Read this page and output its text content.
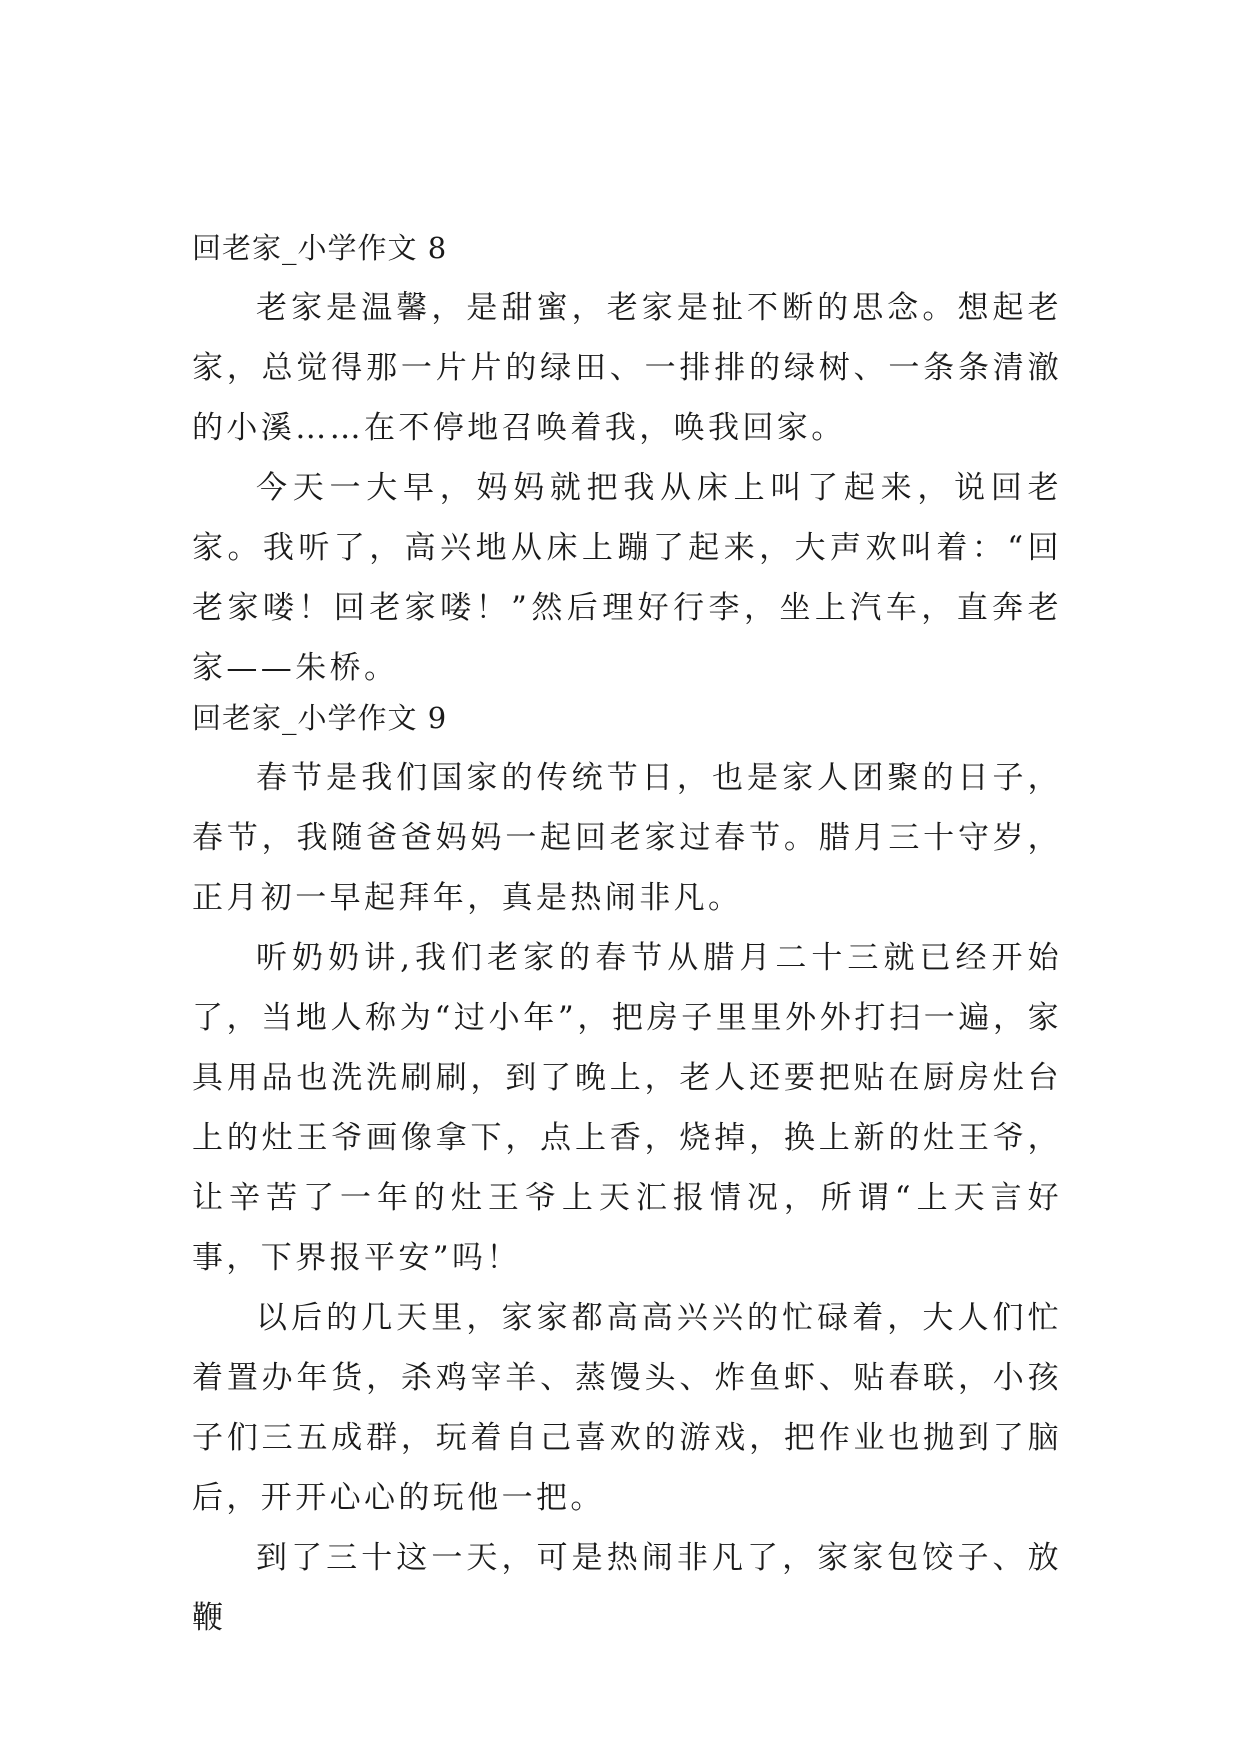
回老家_小学作文 8

老家是温馨，是甜蜜，老家是扯不断的思念。想起老家，总觉得那一片片的绿田、一排排的绿树、一条条清澈的小溪……在不停地召唤着我，唤我回家。

今天一大早，妈妈就把我从床上叫了起来，说回老家。我听了，高兴地从床上蹦了起来，大声欢叫着：“回老家喽！回老家喽！”然后理好行李，坐上汽车，直奔老家——朱桥。

回老家_小学作文 9

春节是我们国家的传统节日，也是家人团聚的日子，春节，我随爸爸妈妈一起回老家过春节。腊月三十守岁，正月初一早起拜年，真是热闹非凡。

听奶奶讲,我们老家的春节从腊月二十三就已经开始了，当地人称为“过小年”，把房子里里外外打扫一遍，家具用品也洗洗刷刷，到了晚上，老人还要把贴在厨房灶台上的灶王爷画像拿下，点上香，烧掉，换上新的灶王爷，让辛苦了一年的灶王爷上天汇报情况，所谓“上天言好事，下界报平安”吗！

以后的几天里，家家都高高兴兴的忙碌着，大人们忙着置办年货，杀鸡宰羊、蒸馒头、炸鱼虾、贴春联，小孩子们三五成群，玩着自己喜欢的游戏，把作业也抛到了脑后，开开心心的玩他一把。

到了三十这一天，可是热闹非凡了，家家包饺子、放鞭
